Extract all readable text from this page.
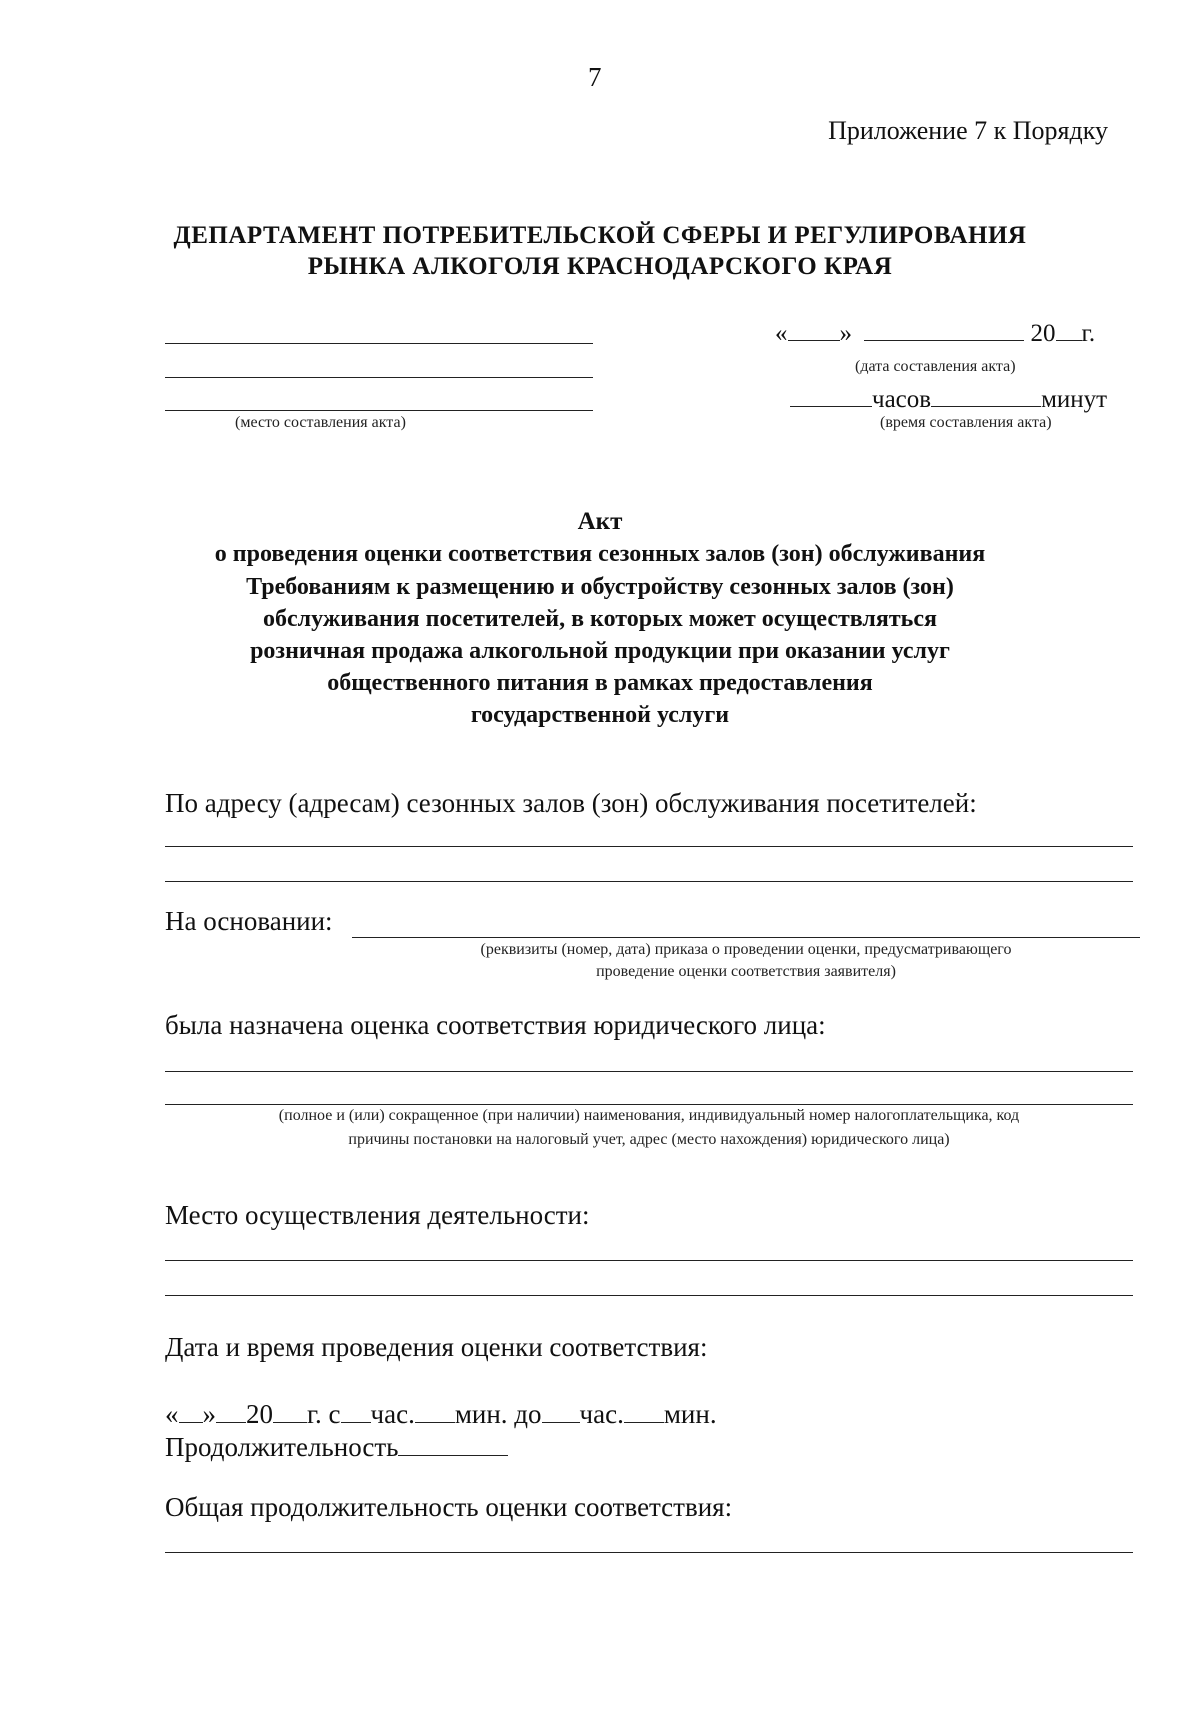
7
Приложение 7 к Порядку
ДЕПАРТАМЕНТ ПОТРЕБИТЕЛЬСКОЙ СФЕРЫ И РЕГУЛИРОВАНИЯ
РЫНКА АЛКОГОЛЯ КРАСНОДАРСКОГО КРАЯ
(место составления акта)
« »	20 г.
(дата составления акта)
часов	минут
(время составления акта)
Акт
о проведения оценки соответствия сезонных залов (зон) обслуживания
Требованиям к размещению и обустройству сезонных залов (зон)
обслуживания посетителей, в которых может осуществляться
розничная продажа алкогольной продукции при оказании услуг
общественного питания в рамках предоставления
государственной услуги
По адресу (адресам) сезонных залов (зон) обслуживания посетителей:
На основании:
(реквизиты (номер, дата) приказа о проведении оценки, предусматривающего
проведение оценки соответствия заявителя)
была назначена оценка соответствия юридического лица:
(полное и (или) сокращенное (при наличии) наименования, индивидуальный номер налогоплательщика, код
причины постановки на налоговый учет, адрес (место нахождения) юридического лица)
Место осуществления деятельности:
Дата и время проведения оценки соответствия:
« » 20 г. с час. мин. до час. мин.
Продолжительность
Общая продолжительность оценки соответствия:
